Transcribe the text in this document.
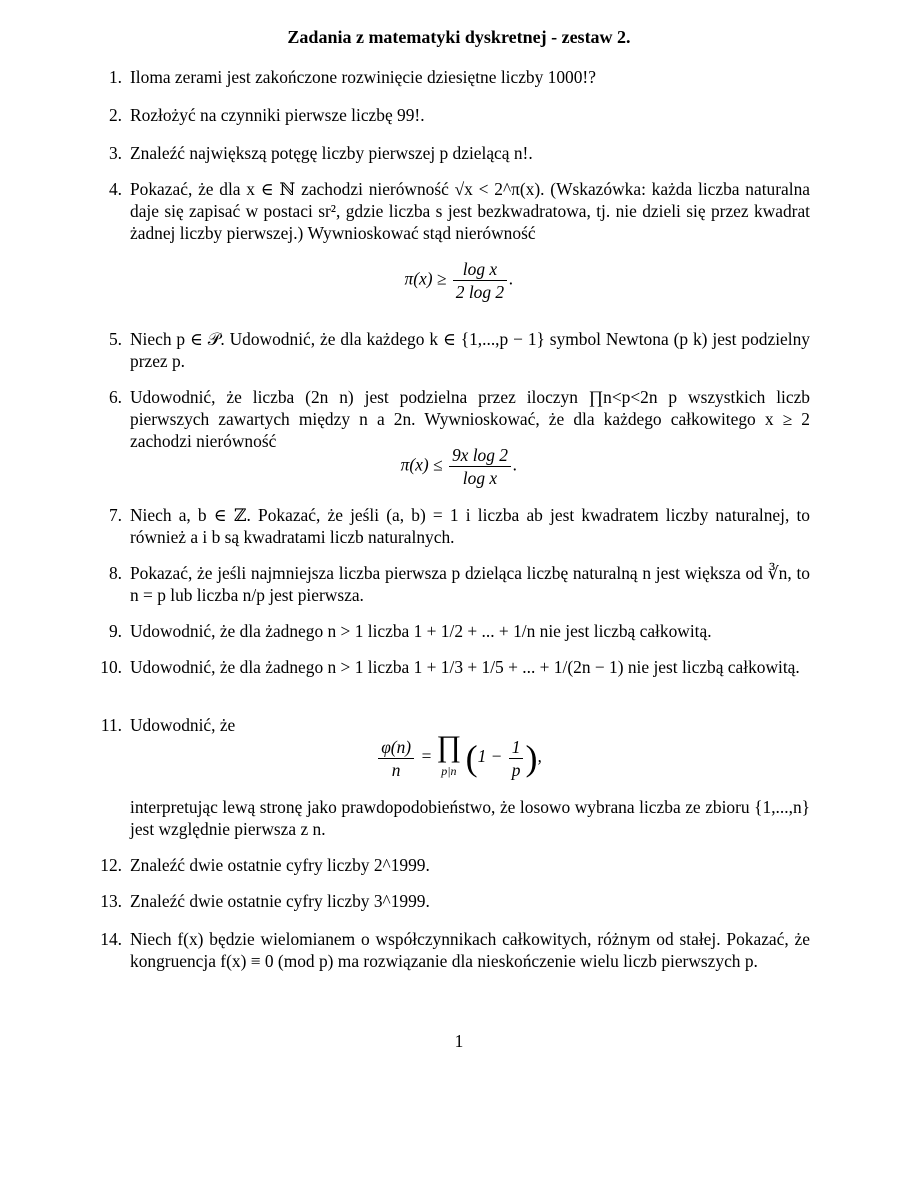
Zadania z matematyki dyskretnej - zestaw 2.
1. Iloma zerami jest zakończone rozwinięcie dziesiętne liczby 1000!?
2. Rozłożyć na czynniki pierwsze liczbę 99!.
3. Znaleźć największą potęgę liczby pierwszej p dzielącą n!.
4. Pokazać, że dla x ∈ ℕ zachodzi nierówność √x < 2^π(x). (Wskazówka: każda liczba naturalna daje się zapisać w postaci sr², gdzie liczba s jest bezkwadratowa, tj. nie dzieli się przez kwadrat żadnej liczby pierwszej.) Wywnioskować stąd nierówność
$\pi(x) \ge \frac{\text{log x}}{2 \log 2}$ .
5. Niech p ∈ 𝒫. Udowodnić, że dla każdego k ∈ {1,...,p − 1} symbol Newtona (p k) jest podzielny przez p.
6. Udowodnić, że liczba (2n n) jest podzielna przez iloczyn ∏n<p<2n p wszystkich liczb pierwszych zawartych między n a 2n. Wywnioskować, że dla każdego całkowitego x ≥ 2 zachodzi nierówność
$\pi(x) \le \frac{\text{9x log 2}}{\text{log x}}$ .
7. Niech a, b ∈ ℤ. Pokazać, że jeśli (a, b) = 1 i liczba ab jest kwadratem liczby naturalnej, to również a i b są kwadratami liczb naturalnych.
8. Pokazać, że jeśli najmniejsza liczba pierwsza p dzieląca liczbę naturalną n jest większa od ∛n, to n = p lub liczba n/p jest pierwsza.
9. Udowodnić, że dla żadnego n > 1 liczba 1 + 1/2 + ... + 1/n nie jest liczbą całkowitą.
10. Udowodnić, że dla żadnego n > 1 liczba 1 + 1/3 + 1/5 + ... + 1/(2n − 1) nie jest liczbą całkowitą.
11. Udowodnić, że
$\frac{\varphi(n)}{n}$ = ∏
p|n ($1 - \frac{1}{p}$ ),
interpretując lewą stronę jako prawdopodobieństwo, że losowo wybrana liczba ze zbioru {1,...,n} jest względnie pierwsza z n.
12. Znaleźć dwie ostatnie cyfry liczby 2^1999.
13. Znaleźć dwie ostatnie cyfry liczby 3^1999.
14. Niech f(x) będzie wielomianem o współczynnikach całkowitych, różnym od stałej. Pokazać, że kongruencja f(x) ≡ 0 (mod p) ma rozwiązanie dla nieskończenie wielu liczb pierwszych p.
1
